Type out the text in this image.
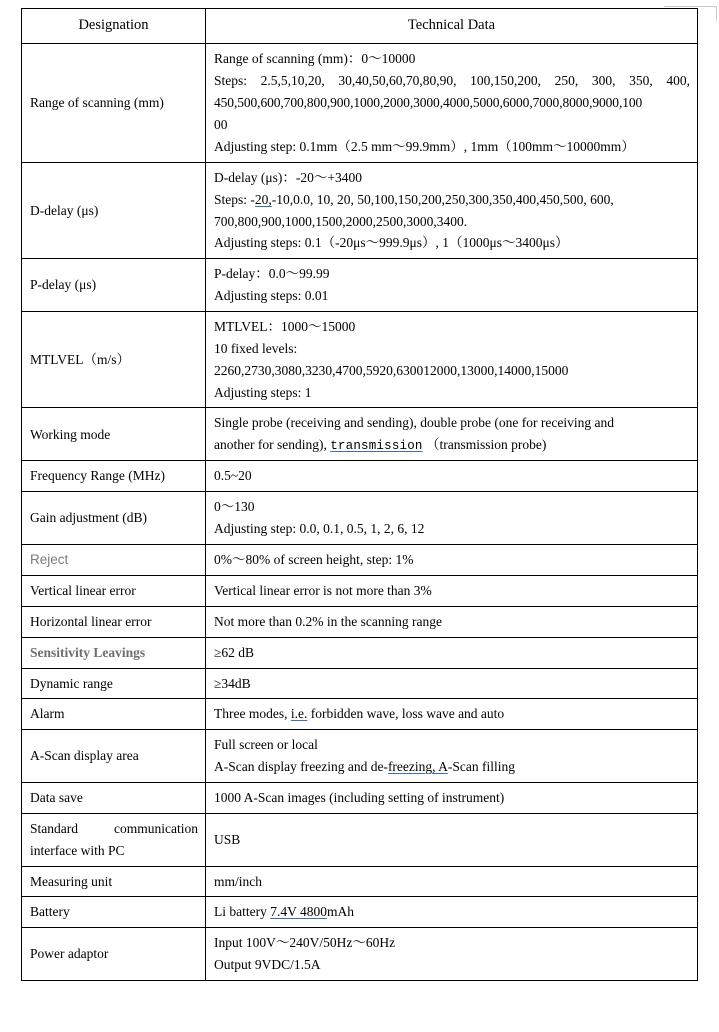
Designation	Technical Data
Range of scanning (mm)	Range of scanning (mm)：0〜10000
Steps: 2.5,5,10,20, 30,40,50,60,70,80,90, 100,150,200, 250, 300, 350, 400,
450,500,600,700,800,900,1000,2000,3000,4000,5000,6000,7000,8000,9000,100
00
Adjusting step: 0.1mm（2.5 mm〜99.9mm）, 1mm（100mm〜10000mm）

D-delay (μs)	D-delay (μs)：-20〜+3400
Steps: -20,-10,0.0, 10, 20, 50,100,150,200,250,300,350,400,450,500, 600,
700,800,900,1000,1500,2000,2500,3000,3400.
Adjusting steps: 0.1（-20μs〜999.9μs）, 1（1000μs〜3400μs）

P-delay (μs)	P-delay：0.0〜99.99
Adjusting steps: 0.01

MTLVEL（m/s）	MTLVEL：1000〜15000
10 fixed levels:
2260,2730,3080,3230,4700,5920,630012000,13000,14000,15000
Adjusting steps: 1

Working mode	Single probe (receiving and sending), double probe (one for receiving and
another for sending), transmission （transmission probe)

Frequency Range (MHz)	0.5~20

Gain adjustment (dB)	0〜130
Adjusting step: 0.0, 0.1, 0.5, 1, 2, 6, 12

Reject	0%〜80% of screen height, step: 1%

Vertical linear error	Vertical linear error is not more than 3%

Horizontal linear error	Not more than 0.2% in the scanning range

Sensitivity Leavings	≥62 dB

Dynamic range	≥34dB

Alarm	Three modes, i.e. forbidden wave, loss wave and auto

A-Scan display area	Full screen or local
A-Scan display freezing and de-freezing, A-Scan filling

Data save	1000 A-Scan images (including setting of instrument)

Standard communication
interface with PC	USB

Measuring unit	mm/inch

Battery	Li battery 7.4V 4800mAh

Power adaptor	Input 100V〜240V/50Hz〜60Hz
Output 9VDC/1.5A
